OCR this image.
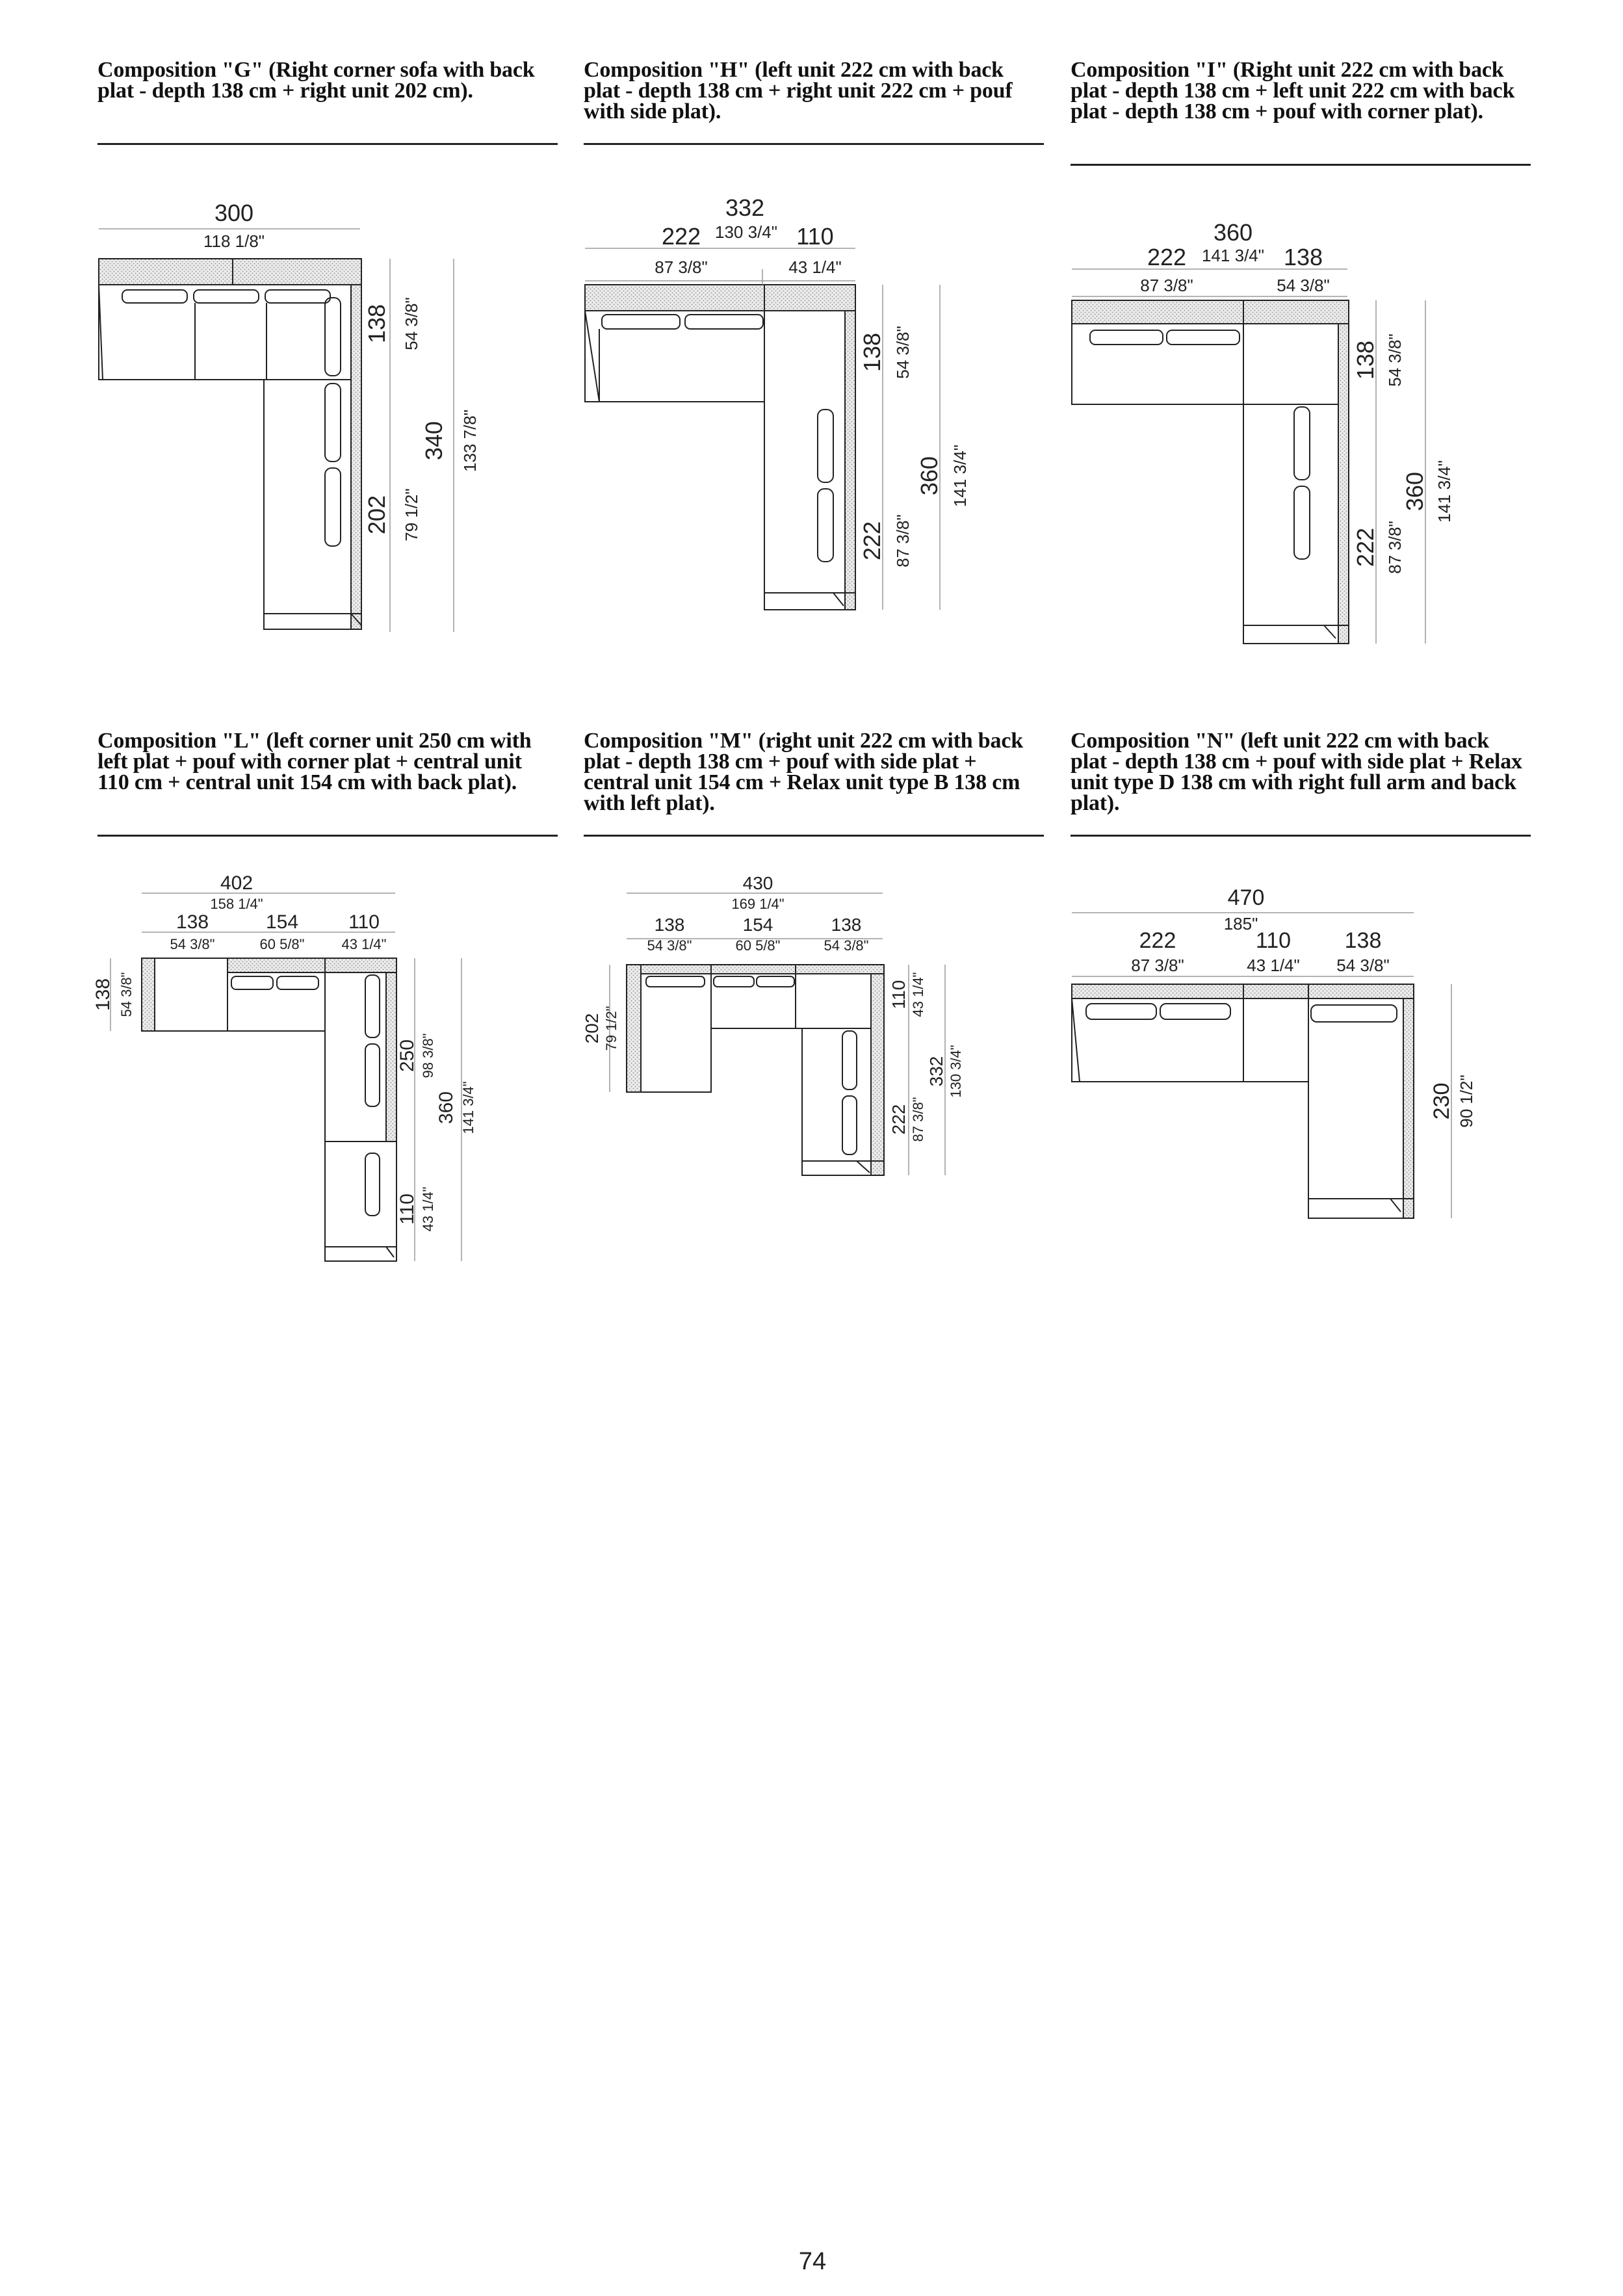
Composition "G" (Right corner sofa with back plat - depth 138 cm + right unit 202 cm).

300
118 1/8"
138 54 3/8"
202 79 1/2"
340 133 7/8"

Composition "H" (left unit 222 cm with back plat - depth 138 cm + right unit 222 cm + pouf with side plat).

332
130 3/4"
222
87 3/8"
110
43 1/4"
138 54 3/8"
222 87 3/8"
360 141 3/4"

Composition "I" (Right unit 222 cm with back plat - depth 138 cm + left unit 222 cm with back plat - depth 138 cm + pouf with corner plat).

360
141 3/4"
222
87 3/8"
138
54 3/8"
138 54 3/8"
222 87 3/8"
360 141 3/4"

Composition "L" (left corner unit 250 cm with left plat + pouf with corner plat + central unit 110 cm + central unit 154 cm with back plat).

402
158 1/4"
138
54 3/8"
154
60 5/8"
110
43 1/4"
138 54 3/8"
250 98 3/8"
360 141 3/4"
110 43 1/4"

Composition "M" (right unit 222 cm with back plat - depth 138 cm + pouf with side plat + central unit 154 cm + Relax unit type B 138 cm with left plat).

430
169 1/4"
138
54 3/8"
154
60 5/8"
138
54 3/8"
202 79 1/2"
110 43 1/4"
222 87 3/8"
332 130 3/4"

Composition "N" (left unit 222 cm with back plat - depth 138 cm + pouf with side plat + Relax unit type D 138 cm with right full arm and back plat).

470
185"
222
87 3/8"
110
43 1/4"
138
54 3/8"
230 90 1/2"
74
